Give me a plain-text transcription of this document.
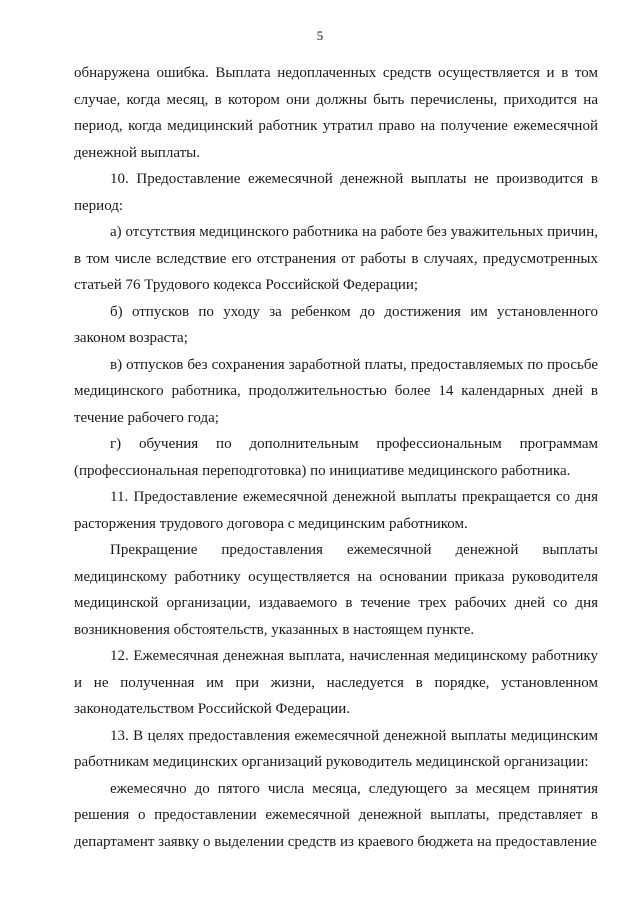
5

обнаружена ошибка. Выплата недоплаченных средств осуществляется и в том случае, когда месяц, в котором они должны быть перечислены, приходится на период, когда медицинский работник утратил право на получение ежемесячной денежной выплаты.

10. Предоставление ежемесячной денежной выплаты не производится в период:

а) отсутствия медицинского работника на работе без уважительных причин, в том числе вследствие его отстранения от работы в случаях, предусмотренных статьей 76 Трудового кодекса Российской Федерации;

б) отпусков по уходу за ребенком до достижения им установленного законом возраста;

в) отпусков без сохранения заработной платы, предоставляемых по просьбе медицинского работника, продолжительностью более 14 календарных дней в течение рабочего года;

г) обучения по дополнительным профессиональным программам (профессиональная переподготовка) по инициативе медицинского работника.

11. Предоставление ежемесячной денежной выплаты прекращается со дня расторжения трудового договора с медицинским работником.

Прекращение предоставления ежемесячной денежной выплаты медицинскому работнику осуществляется на основании приказа руководителя медицинской организации, издаваемого в течение трех рабочих дней со дня возникновения обстоятельств, указанных в настоящем пункте.

12. Ежемесячная денежная выплата, начисленная медицинскому работнику и не полученная им при жизни, наследуется в порядке, установленном законодательством Российской Федерации.

13. В целях предоставления ежемесячной денежной выплаты медицинским работникам медицинских организаций руководитель медицинской организации:

ежемесячно до пятого числа месяца, следующего за месяцем принятия решения о предоставлении ежемесячной денежной выплаты, представляет в департамент заявку о выделении средств из краевого бюджета на предоставление
